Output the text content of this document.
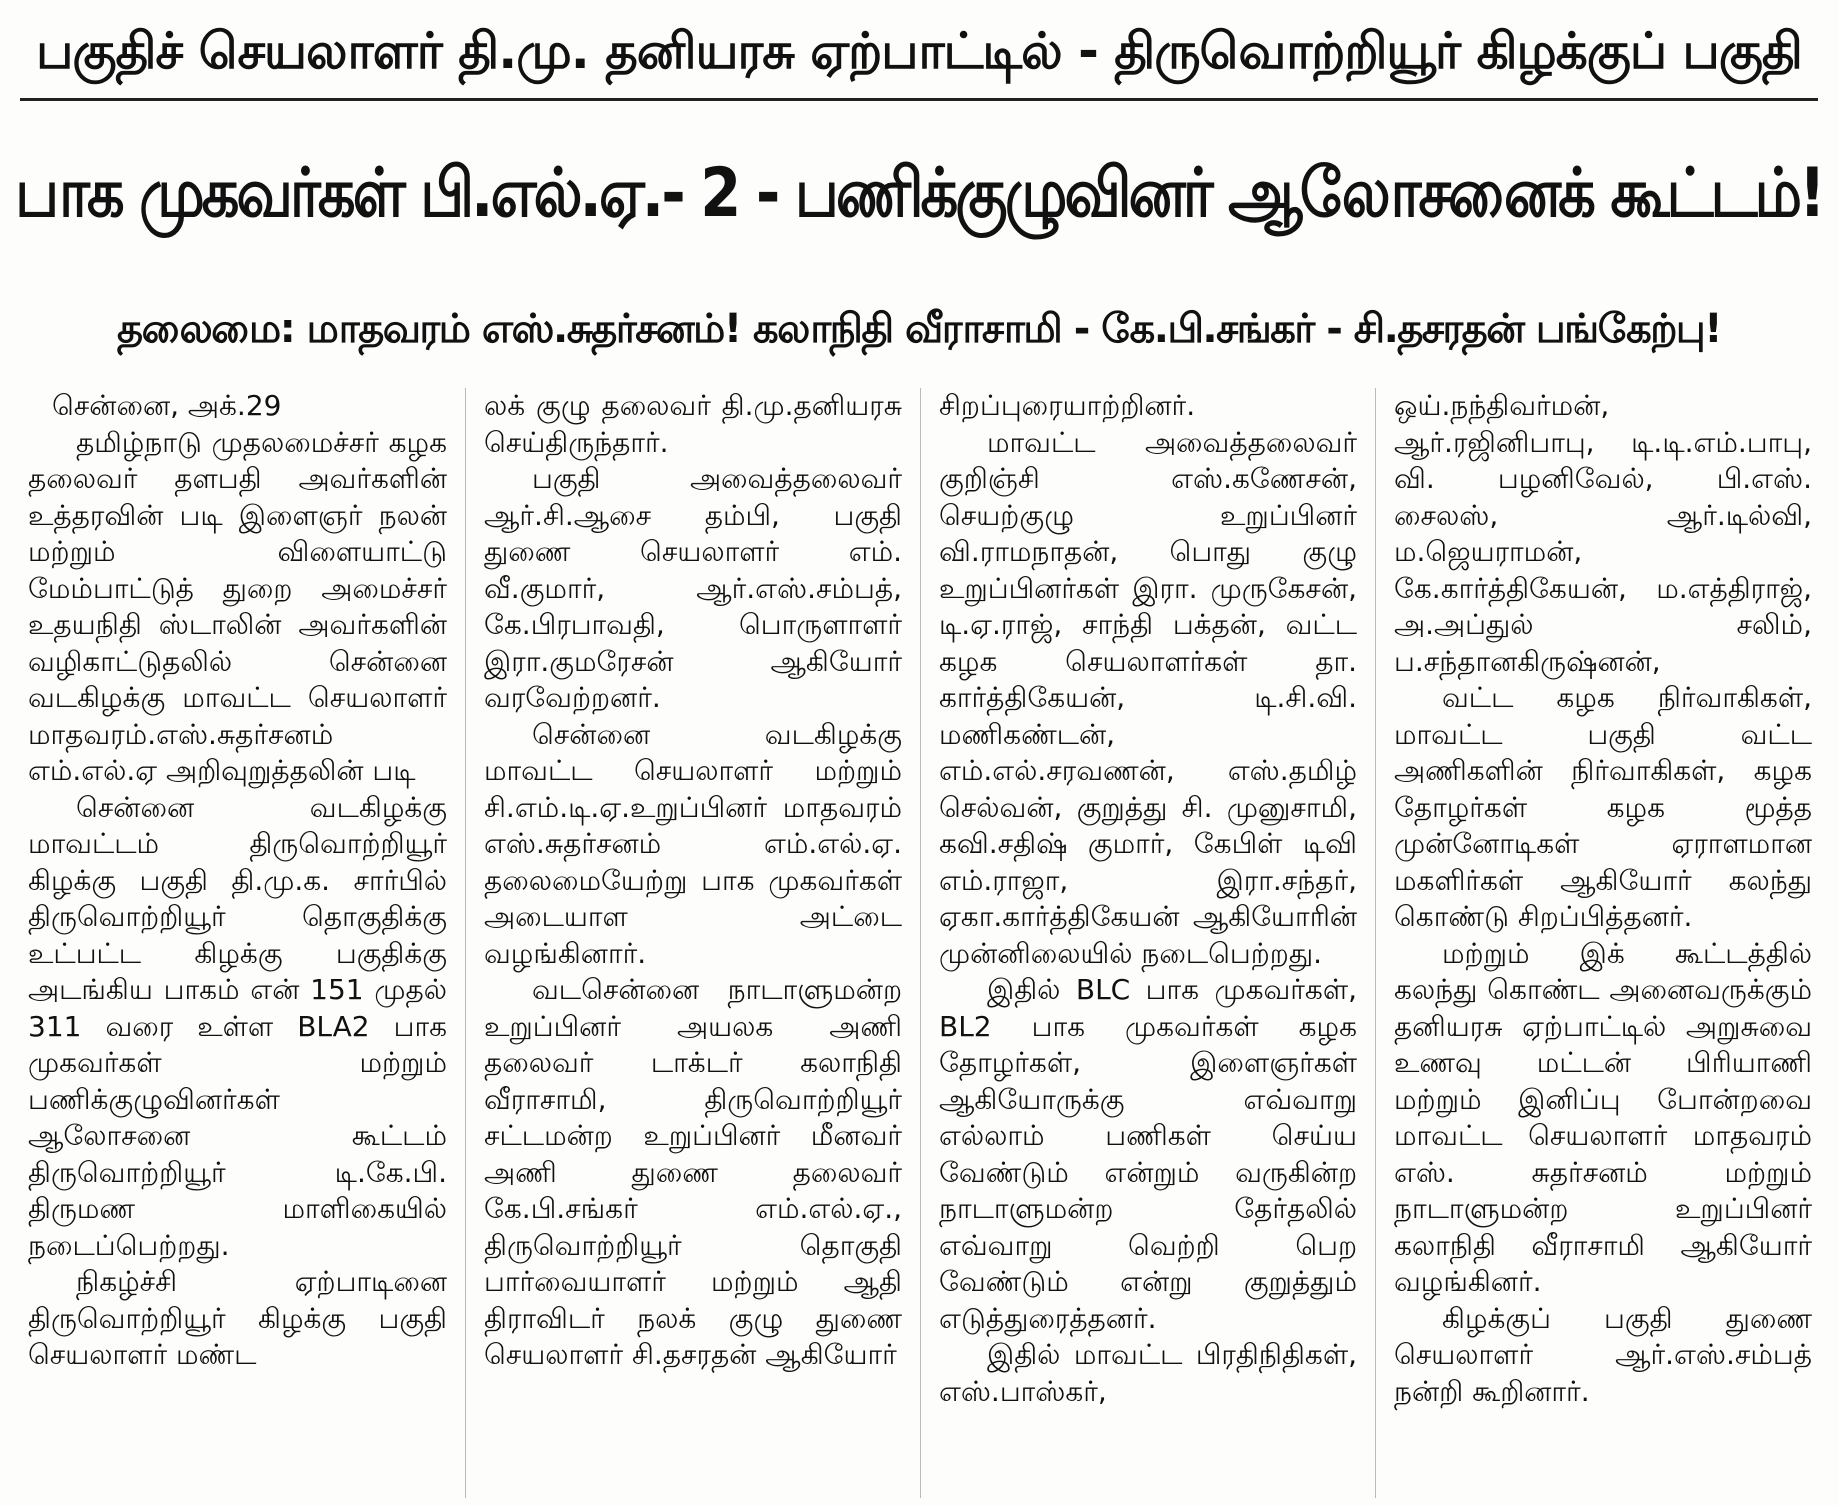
பகுதிச் செயலாளர் தி.மு. தனியரசு ஏற்பாட்டில் - திருவொற்றியூர் கிழக்குப் பகுதி
பாக முகவர்கள் பி.எல்.ஏ.- 2 - பணிக்குழுவினர் ஆலோசனைக் கூட்டம்!
தலைமை: மாதவரம் எஸ்.சுதர்சனம்! கலாநிதி வீராசாமி - கே.பி.சங்கர் - சி.தசரதன் பங்கேற்பு!

சென்னை, அக்.29

தமிழ்நாடு முதலமைச்சர் கழக தலைவர் தளபதி அவர்களின் உத்தரவின் படி இளைஞர் நலன் மற்றும் விளையாட்டு மேம்பாட்டுத் துறை அமைச்சர் உதயநிதி ஸ்டாலின் அவர்களின் வழிகாட்டுதலில் சென்னை வடகிழக்கு மாவட்ட செயலாளர் மாதவரம்.எஸ்.சுதர்சனம் எம்.எல்.ஏ அறிவுறுத்தலின் படி

சென்னை வடகிழக்கு மாவட்டம் திருவொற்றியூர் கிழக்கு பகுதி தி.மு.க. சார்பில் திருவொற்றியூர் தொகுதிக்கு உட்பட்ட கிழக்கு பகுதிக்கு அடங்கிய பாகம் என் 151 முதல் 311 வரை உள்ள BLA2 பாக முகவர்கள் மற்றும் பணிக்குழுவினர்கள் ஆலோசனை கூட்டம் திருவொற்றியூர் டி.கே.பி. திருமண மாளிகையில் நடைப்பெற்றது.

நிகழ்ச்சி ஏற்பாடினை திருவொற்றியூர் கிழக்கு பகுதி செயலாளர் மண்ட

லக் குழு தலைவர் தி.மு.தனியரசு செய்திருந்தார்.

பகுதி அவைத்தலைவர் ஆர்.சி.ஆசை தம்பி, பகுதி துணை செயலாளர் எம். வீ.குமார், ஆர்.எஸ்.சம்பத், கே.பிரபாவதி, பொருளாளர் இரா.குமரேசன் ஆகியோர் வரவேற்றனர்.

சென்னை வடகிழக்கு மாவட்ட செயலாளர் மற்றும் சி.எம்.டி.ஏ.உறுப்பினர் மாதவரம் எஸ்.சுதர்சனம் எம்.எல்.ஏ. தலைமையேற்று பாக முகவர்கள் அடையாள அட்டை வழங்கினார்.

வடசென்னை நாடாளுமன்ற உறுப்பினர் அயலக அணி தலைவர் டாக்டர் கலாநிதி வீராசாமி, திருவொற்றியூர் சட்டமன்ற உறுப்பினர் மீனவர் அணி துணை தலைவர் கே.பி.சங்கர் எம்.எல்.ஏ., திருவொற்றியூர் தொகுதி பார்வையாளர் மற்றும் ஆதி திராவிடர் நலக் குழு துணை செயலாளர் சி.தசரதன் ஆகியோர்

சிறப்புரையாற்றினர்.

மாவட்ட அவைத்தலைவர் குறிஞ்சி எஸ்.கணேசன், செயற்குழு உறுப்பினர் வி.ராமநாதன், பொது குழு உறுப்பினர்கள் இரா. முருகேசன், டி.ஏ.ராஜ், சாந்தி பக்தன், வட்ட கழக செயலாளர்கள் தா. கார்த்திகேயன், டி.சி.வி. மணிகண்டன், எம்.எல்.சரவணன், எஸ்.தமிழ் செல்வன், குறுத்து சி. முனுசாமி, கவி.சதிஷ் குமார், கேபிள் டிவி எம்.ராஜா, இரா.சந்தர், ஏகா.கார்த்திகேயன் ஆகியோரின் முன்னிலையில் நடைபெற்றது.

இதில் BLC பாக முகவர்கள், BL2 பாக முகவர்கள் கழக தோழர்கள், இளைஞர்கள் ஆகியோருக்கு எவ்வாறு எல்லாம் பணிகள் செய்ய வேண்டும் என்றும் வருகின்ற நாடாளுமன்ற தேர்தலில் எவ்வாறு வெற்றி பெற வேண்டும் என்று குறுத்தும் எடுத்துரைத்தனர்.

இதில் மாவட்ட பிரதிநிதிகள், எஸ்.பாஸ்கர்,

ஒய்.நந்திவர்மன், ஆர்.ரஜினிபாபு, டி.டி.எம்.பாபு, வி. பழனிவேல், பி.எஸ். சைலஸ், ஆர்.டில்வி, ம.ஜெயராமன், கே.கார்த்திகேயன், ம.எத்திராஜ், அ.அப்துல் சலிம், ப.சந்தானகிருஷ்னன்,

வட்ட கழக நிர்வாகிகள், மாவட்ட பகுதி வட்ட அணிகளின் நிர்வாகிகள், கழக தோழர்கள் கழக மூத்த முன்னோடிகள் ஏராளமான மகளிர்கள் ஆகியோர் கலந்து கொண்டு சிறப்பித்தனர்.

மற்றும் இக் கூட்டத்தில் கலந்து கொண்ட அனைவருக்கும் தனியரசு ஏற்பாட்டில் அறுசுவை உணவு மட்டன் பிரியாணி மற்றும் இனிப்பு போன்றவை மாவட்ட செயலாளர் மாதவரம் எஸ். சுதர்சனம் மற்றும் நாடாளுமன்ற உறுப்பினர் கலாநிதி வீராசாமி ஆகியோர் வழங்கினர்.

கிழக்குப் பகுதி துணை செயலாளர் ஆர்.எஸ்.சம்பத் நன்றி கூறினார்.
